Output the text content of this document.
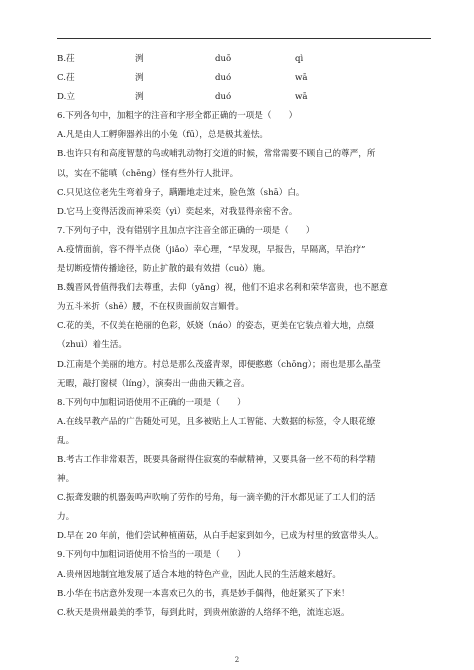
B.茌	洌	duō	qì
C.茌	洌	duó	wā
D.立	洌	duó	wā
6.下列各句中，加粗字的注音和字形全都正确的一项是（　　）
A.凡是由人工孵卵器养出的小兔（fū），总是极其羞怯。
B.也许只有和高度智慧的鸟或哺乳动物打交道的时候，常常需要不顾自己的尊严，所
以，实在不能嗔（chēng）怪有些外行人批评。
C.只见这位老先生弯着身子，蹒跚地走过来，脸色煞（shā）白。
D.它马上变得活泼而神采奕（yì）奕起来，对我显得亲密不舍。
7.下列句子中，没有错别字且加点字注音全部正确的一项是（　　）
A.疫情面前，容不得半点侥（jiǎo）幸心理，“早发现，早报告，早隔离，早治疗”
是切断疫情传播途径，防止扩散的最有效措（cuò）施。
B.魏晋风骨值得我们去尊重，去仰（yǎng）视，他们不追求名利和荣华富贵，也不愿意
为五斗米折（shē）腰，不在权贵面前奴言媚骨。
C.花的美，不仅美在艳丽的色彩，妖娆（náo）的姿态，更美在它装点着大地，点缀
（zhuì）着生活。
D.江南是个美丽的地方。村总是那么茂盛青翠，即便憨憨（chōng）；雨也是那么晶莹
无暇，敲打窗棂（líng），演奏出一曲曲天籁之音。
8.下列句中加粗词语使用不正确的一项是（　　）
A.在线早教产品的广告随处可见，且多被贴上人工智能、大数据的标签，令人眼花缭
乱。
B.考古工作非常艰苦，既要具备耐得住寂寞的奉献精神，又要具备一丝不苟的科学精
神。
C.振聋发聩的机器轰鸣声吹响了劳作的号角，每一滴辛勤的汗水都见证了工人们的活
力。
D.早在 20 年前，他们尝试种植菌菇，从白手起家到如今，已成为村里的致富带头人。
9.下列句中加粗词语使用不恰当的一项是（　　）
A.贵州因地制宜地发展了适合本地的特色产业，因此人民的生活越来越好。
B.小华在书店意外发现一本喜欢已久的书，真是妙手偶得，他赶紧买了下来！
C.秋天是贵州最美的季节，每到此时，到贵州旅游的人络绎不绝，流连忘返。
2
